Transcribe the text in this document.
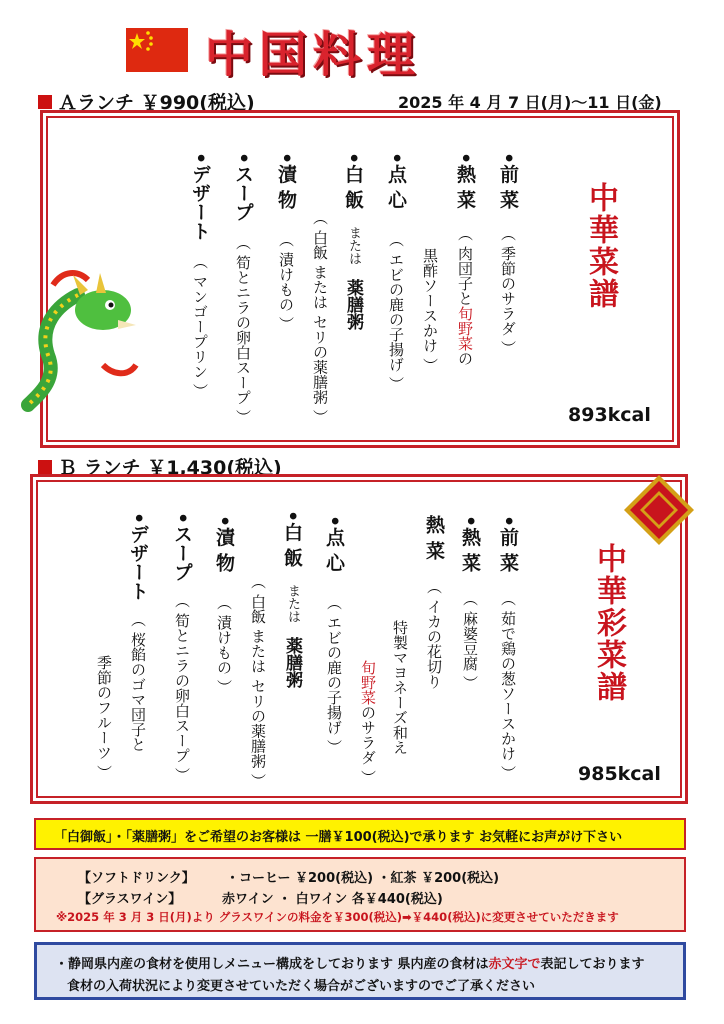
中国料理
Ａランチ ￥990(税込)	2025 年 4 月 7 日(月)～11 日(金)
中華菜譜
•前 菜 （ 季節のサラダ ）
•熱 菜 （ 肉団子と旬野菜の
黒酢ソースかけ ）
•点 心 （ エビの鹿の子揚げ ）
•白 飯 または 薬膳粥
（ 白飯 または セリの薬膳粥 ）
•漬 物 （ 漬けもの ）
•スープ （ 筍とニラの卵白スープ ）
•デザート （ マンゴープリン ）
893kcal
Ｂ ランチ ￥1,430(税込)
中華彩菜譜
•前 菜 （ 茹で鶏の葱ソースかけ ）
•熱 菜 （ 麻婆豆腐 ）
熱 菜 （ イカの花切り
特製マヨネーズ和え
旬野菜のサラダ ）
•点 心 （ エビの鹿の子揚げ ）
•白 飯 または 薬膳粥
（ 白飯 または セリの薬膳粥 ）
•漬 物 （ 漬けもの ）
•スープ （ 筍とニラの卵白スープ ）
•デザート （ 桜餡のゴマ団子と
季節のフルーツ ）	985kcal
「白御飯」・「薬膳粥」をご希望のお客様は 一膳￥100(税込)で承ります お気軽にお声がけ下さい
【ソフトドリンク】 ・コーヒー ￥200(税込) ・紅茶 ￥200(税込)
【グラスワイン】	赤ワイン ・ 白ワイン 各￥440(税込)
※2025 年 3 月 3 日(月)より グラスワインの料金を￥300(税込)➡￥440(税込)に変更させていただきます
・静岡県内産の食材を使用しメニュー構成をしております 県内産の食材は赤文字で表記しております
食材の入荷状況により変更させていただく場合がございますのでご了承ください
